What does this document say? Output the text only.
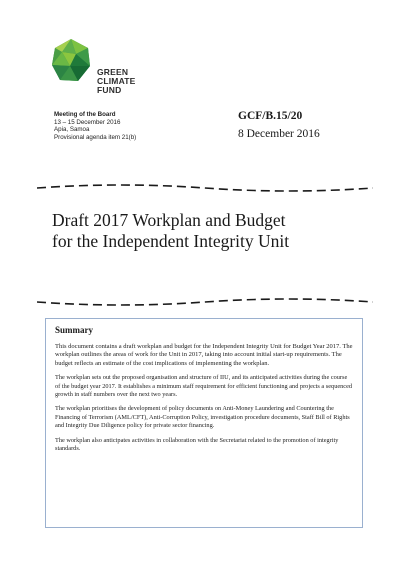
GREEN
CLIMATE
FUND
Meeting of the Board
13 – 15 December 2016
Apia, Samoa
Provisional agenda item 21(b)
GCF/B.15/20
8 December 2016
Draft 2017 Workplan and Budget
for the Independent Integrity Unit
Summary

This document contains a draft workplan and budget for the Independent Integrity Unit for Budget Year 2017. The workplan outlines the areas of work for the Unit in 2017, taking into account initial start-up requirements. The budget reflects an estimate of the cost implications of implementing the workplan.

The workplan sets out the proposed organisation and structure of IIU, and its anticipated activities during the course of the budget year 2017. It establishes a minimum staff requirement for efficient functioning and projects a sequenced growth in staff numbers over the next two years.

The workplan prioritises the development of policy documents on Anti-Money Laundering and Countering the Financing of Terrorism (AML/CFT), Anti-Corruption Policy, investigation procedure documents, Staff Bill of Rights and Integrity Due Diligence policy for private sector financing.

The workplan also anticipates activities in collaboration with the Secretariat related to the promotion of integrity standards.
